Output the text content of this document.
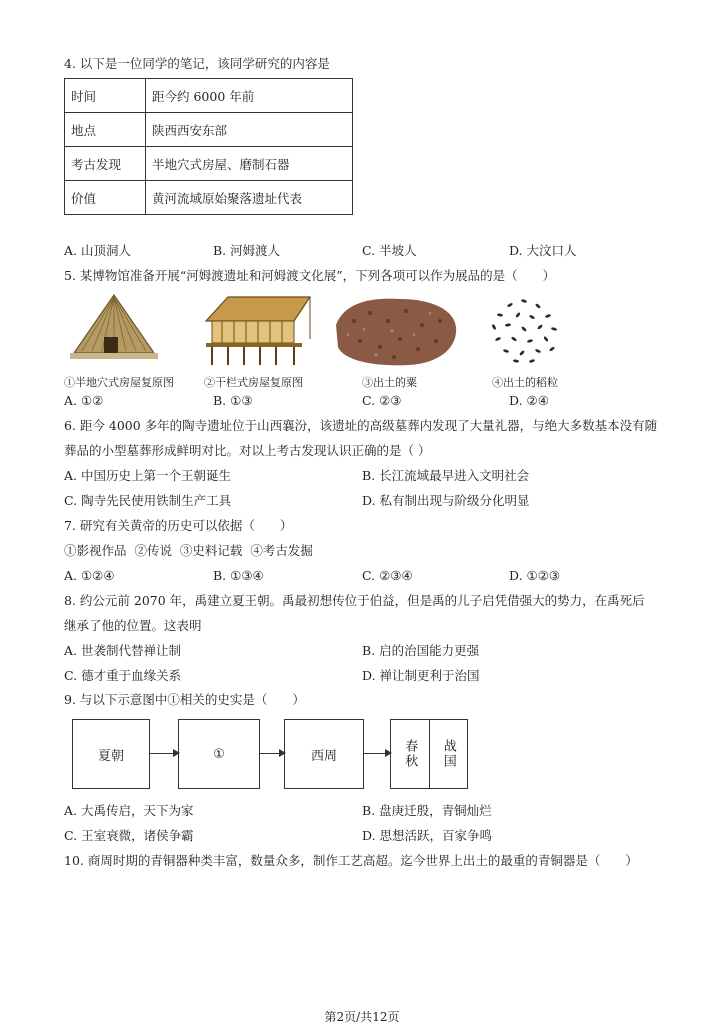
4. 以下是一位同学的笔记，该同学研究的内容是
时间	距今约 6000 年前
地点	陕西西安东部
考古发现	半地穴式房屋、磨制石器
价值	黄河流域原始聚落遗址代表
A. 山顶洞人	B. 河姆渡人	C. 半坡人	D. 大汶口人
5. 某博物馆准备开展“河姆渡遗址和河姆渡文化展”，下列各项可以作为展品的是（　　）
①半地穴式房屋复原图	②干栏式房屋复原图	③出土的粟	④出土的稻粒
A. ①②	B. ①③	C. ②③	D. ②④
6. 距今 4000 多年的陶寺遗址位于山西襄汾，该遗址的高级墓葬内发现了大量礼器，与绝大多数基本没有随
葬品的小型墓葬形成鲜明对比。对以上考古发现认识正确的是（ ）
A. 中国历史上第一个王朝诞生	B. 长江流域最早进入文明社会
C. 陶寺先民使用铁制生产工具	D. 私有制出现与阶级分化明显
7. 研究有关黄帝的历史可以依据（　　）
①影视作品  ②传说  ③史料记载  ④考古发掘
A. ①②④	B. ①③④	C. ②③④	D. ①②③
8. 约公元前 2070 年，禹建立夏王朝。禹最初想传位于伯益，但是禹的儿子启凭借强大的势力，在禹死后
继承了他的位置。这表明
A. 世袭制代替禅让制	B. 启的治国能力更强
C. 德才重于血缘关系	D. 禅让制更利于治国
9. 与以下示意图中①相关的史实是（　　）
夏朝	①	西周	春秋	战国
A. 大禹传启，天下为家	B. 盘庚迁殷，青铜灿烂
C. 王室衰微，诸侯争霸	D. 思想活跃，百家争鸣
10. 商周时期的青铜器种类丰富，数量众多，制作工艺高超。迄今世界上出土的最重的青铜器是（　　）
第2页/共12页
